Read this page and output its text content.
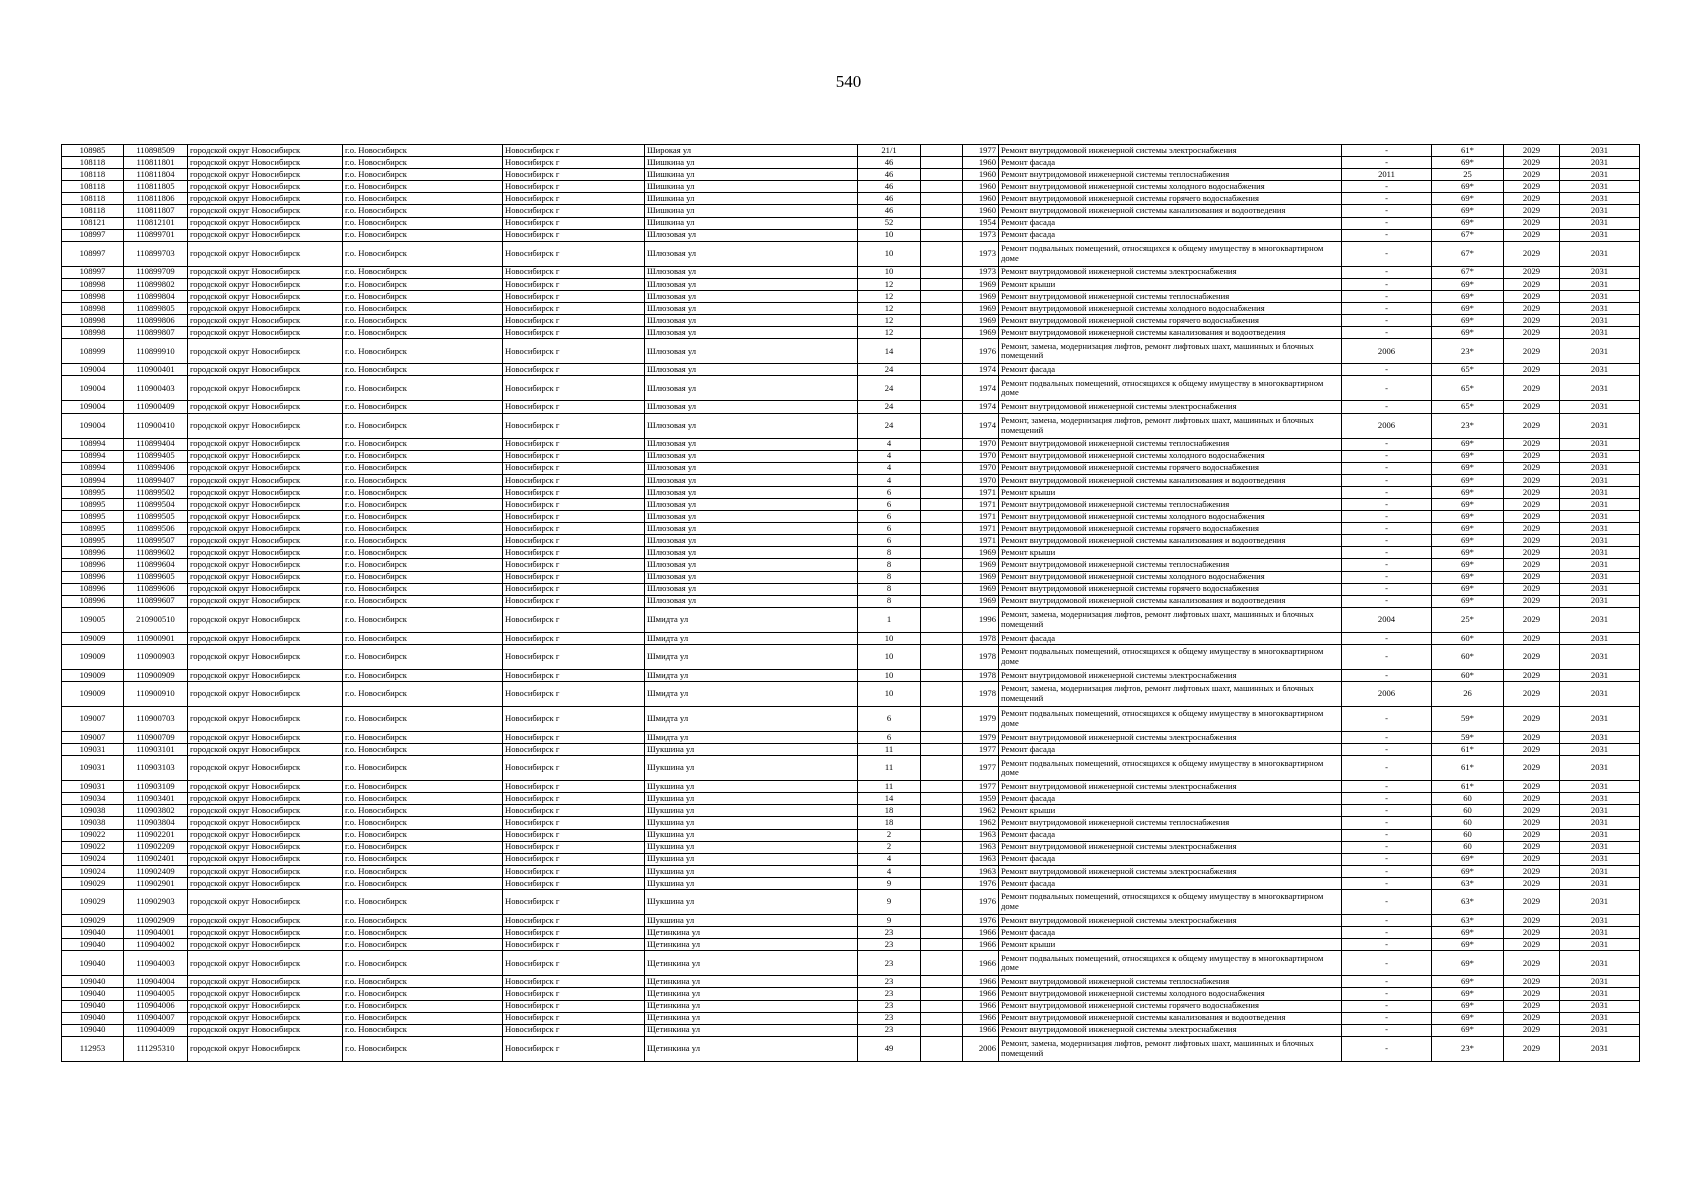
540
108985	110898509	городской округ Новосибирск	г.о. Новосибирск	Новосибирск г	Широкая ул	21/1		1977	Ремонт внутридомовой инженерной системы электроснабжения	-	61*	2029	2031
108118	110811801	городской округ Новосибирск	г.о. Новосибирск	Новосибирск г	Шишкина ул	46		1960	Ремонт фасада	-	69*	2029	2031
108118	110811804	городской округ Новосибирск	г.о. Новосибирск	Новосибирск г	Шишкина ул	46		1960	Ремонт внутридомовой инженерной системы теплоснабжения	2011	25	2029	2031
108118	110811805	городской округ Новосибирск	г.о. Новосибирск	Новосибирск г	Шишкина ул	46		1960	Ремонт внутридомовой инженерной системы холодного водоснабжения	-	69*	2029	2031
108118	110811806	городской округ Новосибирск	г.о. Новосибирск	Новосибирск г	Шишкина ул	46		1960	Ремонт внутридомовой инженерной системы горячего водоснабжения	-	69*	2029	2031
108118	110811807	городской округ Новосибирск	г.о. Новосибирск	Новосибирск г	Шишкина ул	46		1960	Ремонт внутридомовой инженерной системы канализования и водоотведения	-	69*	2029	2031
108121	110812101	городской округ Новосибирск	г.о. Новосибирск	Новосибирск г	Шишкина ул	52		1954	Ремонт фасада	-	69*	2029	2031
108997	110899701	городской округ Новосибирск	г.о. Новосибирск	Новосибирск г	Шлюзовая ул	10		1973	Ремонт фасада	-	67*	2029	2031
108997	110899703	городской округ Новосибирск	г.о. Новосибирск	Новосибирск г	Шлюзовая ул	10		1973	Ремонт подвальных помещений, относящихся к общему имуществу в многоквартирном доме	-	67*	2029	2031
108997	110899709	городской округ Новосибирск	г.о. Новосибирск	Новосибирск г	Шлюзовая ул	10		1973	Ремонт внутридомовой инженерной системы электроснабжения	-	67*	2029	2031
108998	110899802	городской округ Новосибирск	г.о. Новосибирск	Новосибирск г	Шлюзовая ул	12		1969	Ремонт крыши	-	69*	2029	2031
108998	110899804	городской округ Новосибирск	г.о. Новосибирск	Новосибирск г	Шлюзовая ул	12		1969	Ремонт внутридомовой инженерной системы теплоснабжения	-	69*	2029	2031
108998	110899805	городской округ Новосибирск	г.о. Новосибирск	Новосибирск г	Шлюзовая ул	12		1969	Ремонт внутридомовой инженерной системы холодного водоснабжения	-	69*	2029	2031
108998	110899806	городской округ Новосибирск	г.о. Новосибирск	Новосибирск г	Шлюзовая ул	12		1969	Ремонт внутридомовой инженерной системы горячего водоснабжения	-	69*	2029	2031
108998	110899807	городской округ Новосибирск	г.о. Новосибирск	Новосибирск г	Шлюзовая ул	12		1969	Ремонт внутридомовой инженерной системы канализования и водоотведения	-	69*	2029	2031
108999	110899910	городской округ Новосибирск	г.о. Новосибирск	Новосибирск г	Шлюзовая ул	14		1976	Ремонт, замена, модернизация лифтов, ремонт лифтовых шахт, машинных и блочных помещений	2006	23*	2029	2031
109004	110900401	городской округ Новосибирск	г.о. Новосибирск	Новосибирск г	Шлюзовая ул	24		1974	Ремонт фасада	-	65*	2029	2031
109004	110900403	городской округ Новосибирск	г.о. Новосибирск	Новосибирск г	Шлюзовая ул	24		1974	Ремонт подвальных помещений, относящихся к общему имуществу в многоквартирном доме	-	65*	2029	2031
109004	110900409	городской округ Новосибирск	г.о. Новосибирск	Новосибирск г	Шлюзовая ул	24		1974	Ремонт внутридомовой инженерной системы электроснабжения	-	65*	2029	2031
109004	110900410	городской округ Новосибирск	г.о. Новосибирск	Новосибирск г	Шлюзовая ул	24		1974	Ремонт, замена, модернизация лифтов, ремонт лифтовых шахт, машинных и блочных помещений	2006	23*	2029	2031
108994	110899404	городской округ Новосибирск	г.о. Новосибирск	Новосибирск г	Шлюзовая ул	4		1970	Ремонт внутридомовой инженерной системы теплоснабжения	-	69*	2029	2031
108994	110899405	городской округ Новосибирск	г.о. Новосибирск	Новосибирск г	Шлюзовая ул	4		1970	Ремонт внутридомовой инженерной системы холодного водоснабжения	-	69*	2029	2031
108994	110899406	городской округ Новосибирск	г.о. Новосибирск	Новосибирск г	Шлюзовая ул	4		1970	Ремонт внутридомовой инженерной системы горячего водоснабжения	-	69*	2029	2031
108994	110899407	городской округ Новосибирск	г.о. Новосибирск	Новосибирск г	Шлюзовая ул	4		1970	Ремонт внутридомовой инженерной системы канализования и водоотведения	-	69*	2029	2031
108995	110899502	городской округ Новосибирск	г.о. Новосибирск	Новосибирск г	Шлюзовая ул	6		1971	Ремонт крыши	-	69*	2029	2031
108995	110899504	городской округ Новосибирск	г.о. Новосибирск	Новосибирск г	Шлюзовая ул	6		1971	Ремонт внутридомовой инженерной системы теплоснабжения	-	69*	2029	2031
108995	110899505	городской округ Новосибирск	г.о. Новосибирск	Новосибирск г	Шлюзовая ул	6		1971	Ремонт внутридомовой инженерной системы холодного водоснабжения	-	69*	2029	2031
108995	110899506	городской округ Новосибирск	г.о. Новосибирск	Новосибирск г	Шлюзовая ул	6		1971	Ремонт внутридомовой инженерной системы горячего водоснабжения	-	69*	2029	2031
108995	110899507	городской округ Новосибирск	г.о. Новосибирск	Новосибирск г	Шлюзовая ул	6		1971	Ремонт внутридомовой инженерной системы канализования и водоотведения	-	69*	2029	2031
108996	110899602	городской округ Новосибирск	г.о. Новосибирск	Новосибирск г	Шлюзовая ул	8		1969	Ремонт крыши	-	69*	2029	2031
108996	110899604	городской округ Новосибирск	г.о. Новосибирск	Новосибирск г	Шлюзовая ул	8		1969	Ремонт внутридомовой инженерной системы теплоснабжения	-	69*	2029	2031
108996	110899605	городской округ Новосибирск	г.о. Новосибирск	Новосибирск г	Шлюзовая ул	8		1969	Ремонт внутридомовой инженерной системы холодного водоснабжения	-	69*	2029	2031
108996	110899606	городской округ Новосибирск	г.о. Новосибирск	Новосибирск г	Шлюзовая ул	8		1969	Ремонт внутридомовой инженерной системы горячего водоснабжения	-	69*	2029	2031
108996	110899607	городской округ Новосибирск	г.о. Новосибирск	Новосибирск г	Шлюзовая ул	8		1969	Ремонт внутридомовой инженерной системы канализования и водоотведения	-	69*	2029	2031
109005	210900510	городской округ Новосибирск	г.о. Новосибирск	Новосибирск г	Шмидта ул	1		1996	Ремонт, замена, модернизация лифтов, ремонт лифтовых шахт, машинных и блочных помещений	2004	25*	2029	2031
109009	110900901	городской округ Новосибирск	г.о. Новосибирск	Новосибирск г	Шмидта ул	10		1978	Ремонт фасада	-	60*	2029	2031
109009	110900903	городской округ Новосибирск	г.о. Новосибирск	Новосибирск г	Шмидта ул	10		1978	Ремонт подвальных помещений, относящихся к общему имуществу в многоквартирном доме	-	60*	2029	2031
109009	110900909	городской округ Новосибирск	г.о. Новосибирск	Новосибирск г	Шмидта ул	10		1978	Ремонт внутридомовой инженерной системы электроснабжения	-	60*	2029	2031
109009	110900910	городской округ Новосибирск	г.о. Новосибирск	Новосибирск г	Шмидта ул	10		1978	Ремонт, замена, модернизация лифтов, ремонт лифтовых шахт, машинных и блочных помещений	2006	26	2029	2031
109007	110900703	городской округ Новосибирск	г.о. Новосибирск	Новосибирск г	Шмидта ул	6		1979	Ремонт подвальных помещений, относящихся к общему имуществу в многоквартирном доме	-	59*	2029	2031
109007	110900709	городской округ Новосибирск	г.о. Новосибирск	Новосибирск г	Шмидта ул	6		1979	Ремонт внутридомовой инженерной системы электроснабжения	-	59*	2029	2031
109031	110903101	городской округ Новосибирск	г.о. Новосибирск	Новосибирск г	Шукшина ул	11		1977	Ремонт фасада	-	61*	2029	2031
109031	110903103	городской округ Новосибирск	г.о. Новосибирск	Новосибирск г	Шукшина ул	11		1977	Ремонт подвальных помещений, относящихся к общему имуществу в многоквартирном доме	-	61*	2029	2031
109031	110903109	городской округ Новосибирск	г.о. Новосибирск	Новосибирск г	Шукшина ул	11		1977	Ремонт внутридомовой инженерной системы электроснабжения	-	61*	2029	2031
109034	110903401	городской округ Новосибирск	г.о. Новосибирск	Новосибирск г	Шукшина ул	14		1959	Ремонт фасада	-	60	2029	2031
109038	110903802	городской округ Новосибирск	г.о. Новосибирск	Новосибирск г	Шукшина ул	18		1962	Ремонт крыши	-	60	2029	2031
109038	110903804	городской округ Новосибирск	г.о. Новосибирск	Новосибирск г	Шукшина ул	18		1962	Ремонт внутридомовой инженерной системы теплоснабжения	-	60	2029	2031
109022	110902201	городской округ Новосибирск	г.о. Новосибирск	Новосибирск г	Шукшина ул	2		1963	Ремонт фасада	-	60	2029	2031
109022	110902209	городской округ Новосибирск	г.о. Новосибирск	Новосибирск г	Шукшина ул	2		1963	Ремонт внутридомовой инженерной системы электроснабжения	-	60	2029	2031
109024	110902401	городской округ Новосибирск	г.о. Новосибирск	Новосибирск г	Шукшина ул	4		1963	Ремонт фасада	-	69*	2029	2031
109024	110902409	городской округ Новосибирск	г.о. Новосибирск	Новосибирск г	Шукшина ул	4		1963	Ремонт внутридомовой инженерной системы электроснабжения	-	69*	2029	2031
109029	110902901	городской округ Новосибирск	г.о. Новосибирск	Новосибирск г	Шукшина ул	9		1976	Ремонт фасада	-	63*	2029	2031
109029	110902903	городской округ Новосибирск	г.о. Новосибирск	Новосибирск г	Шукшина ул	9		1976	Ремонт подвальных помещений, относящихся к общему имуществу в многоквартирном доме	-	63*	2029	2031
109029	110902909	городской округ Новосибирск	г.о. Новосибирск	Новосибирск г	Шукшина ул	9		1976	Ремонт внутридомовой инженерной системы электроснабжения	-	63*	2029	2031
109040	110904001	городской округ Новосибирск	г.о. Новосибирск	Новосибирск г	Щетинкина ул	23		1966	Ремонт фасада	-	69*	2029	2031
109040	110904002	городской округ Новосибирск	г.о. Новосибирск	Новосибирск г	Щетинкина ул	23		1966	Ремонт крыши	-	69*	2029	2031
109040	110904003	городской округ Новосибирск	г.о. Новосибирск	Новосибирск г	Щетинкина ул	23		1966	Ремонт подвальных помещений, относящихся к общему имуществу в многоквартирном доме	-	69*	2029	2031
109040	110904004	городской округ Новосибирск	г.о. Новосибирск	Новосибирск г	Щетинкина ул	23		1966	Ремонт внутридомовой инженерной системы теплоснабжения	-	69*	2029	2031
109040	110904005	городской округ Новосибирск	г.о. Новосибирск	Новосибирск г	Щетинкина ул	23		1966	Ремонт внутридомовой инженерной системы холодного водоснабжения	-	69*	2029	2031
109040	110904006	городской округ Новосибирск	г.о. Новосибирск	Новосибирск г	Щетинкина ул	23		1966	Ремонт внутридомовой инженерной системы горячего водоснабжения	-	69*	2029	2031
109040	110904007	городской округ Новосибирск	г.о. Новосибирск	Новосибирск г	Щетинкина ул	23		1966	Ремонт внутридомовой инженерной системы канализования и водоотведения	-	69*	2029	2031
109040	110904009	городской округ Новосибирск	г.о. Новосибирск	Новосибирск г	Щетинкина ул	23		1966	Ремонт внутридомовой инженерной системы электроснабжения	-	69*	2029	2031
112953	111295310	городской округ Новосибирск	г.о. Новосибирск	Новосибирск г	Щетинкина ул	49		2006	Ремонт, замена, модернизация лифтов, ремонт лифтовых шахт, машинных и блочных помещений	-	23*	2029	2031
